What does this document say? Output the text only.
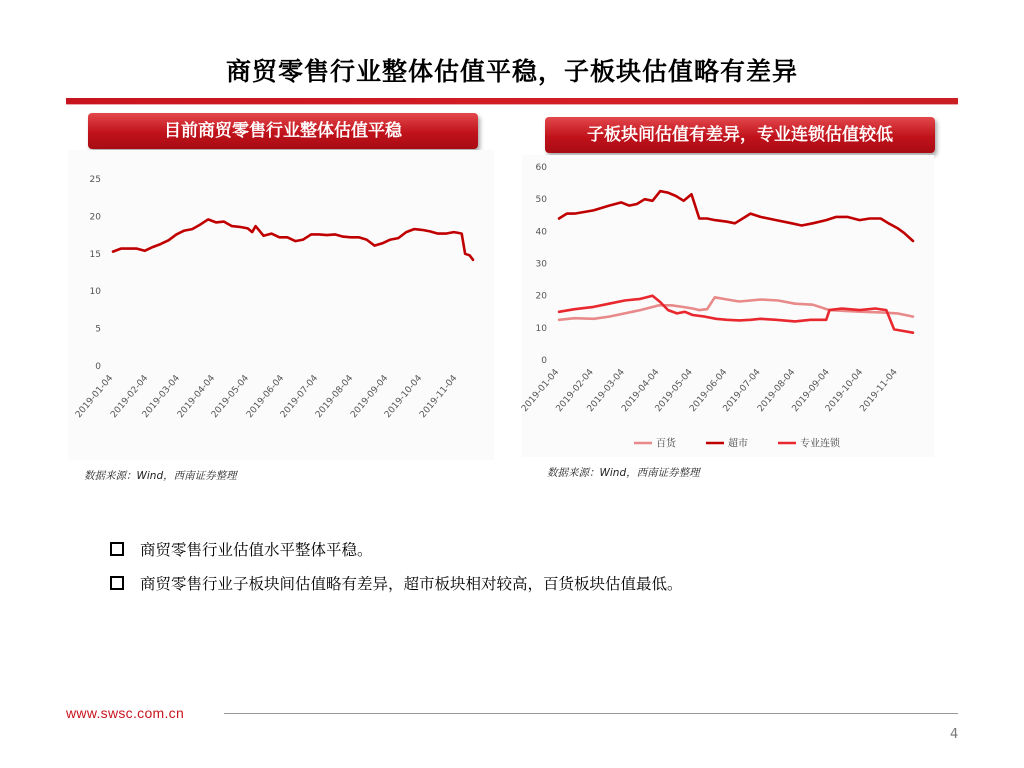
商贸零售行业整体估值平稳，子板块估值略有差异
目前商贸零售行业整体估值平稳	子板块间估值有差异，专业连锁估值较低
0
5
10
15
20
25
2019-01-04
2019-02-04
2019-03-04
2019-04-04
2019-05-04
2019-06-04
2019-07-04
2019-08-04
2019-09-04
2019-10-04
2019-11-04
0
10
20
30
40
50
60
2019-01-04
2019-02-04
2019-03-04
2019-04-04
2019-05-04
2019-06-04
2019-07-04
2019-08-04
2019-09-04
2019-10-04
2019-11-04
百货	超市	专业连锁
数据来源：Wind，西南证券整理	数据来源：Wind，西南证券整理
商贸零售行业估值水平整体平稳。
商贸零售行业子板块间估值略有差异，超市板块相对较高，百货板块估值最低。
www.swsc.com.cn
4
